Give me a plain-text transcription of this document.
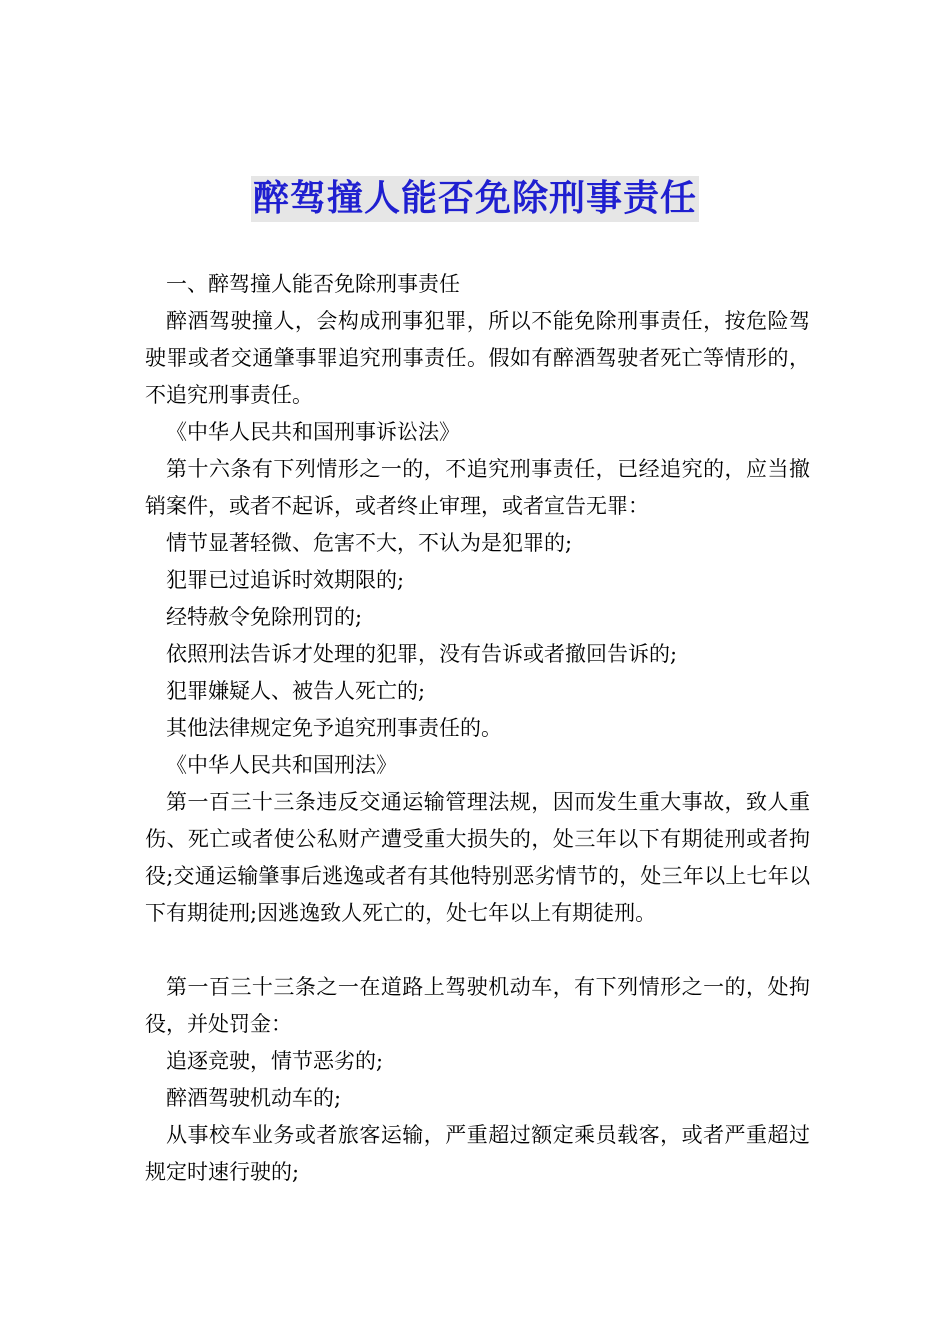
醉驾撞人能否免除刑事责任

一、醉驾撞人能否免除刑事责任

醉酒驾驶撞人，会构成刑事犯罪，所以不能免除刑事责任，按危险驾驶罪或者交通肇事罪追究刑事责任。假如有醉酒驾驶者死亡等情形的，不追究刑事责任。

《中华人民共和国刑事诉讼法》

第十六条有下列情形之一的，不追究刑事责任，已经追究的，应当撤销案件，或者不起诉，或者终止审理，或者宣告无罪：

情节显著轻微、危害不大，不认为是犯罪的;

犯罪已过追诉时效期限的;

经特赦令免除刑罚的;

依照刑法告诉才处理的犯罪，没有告诉或者撤回告诉的;

犯罪嫌疑人、被告人死亡的;

其他法律规定免予追究刑事责任的。

《中华人民共和国刑法》

第一百三十三条违反交通运输管理法规，因而发生重大事故，致人重伤、死亡或者使公私财产遭受重大损失的，处三年以下有期徒刑或者拘役;交通运输肇事后逃逸或者有其他特别恶劣情节的，处三年以上七年以下有期徒刑;因逃逸致人死亡的，处七年以上有期徒刑。

第一百三十三条之一在道路上驾驶机动车，有下列情形之一的，处拘役，并处罚金：

追逐竞驶，情节恶劣的;

醉酒驾驶机动车的;

从事校车业务或者旅客运输，严重超过额定乘员载客，或者严重超过规定时速行驶的;
